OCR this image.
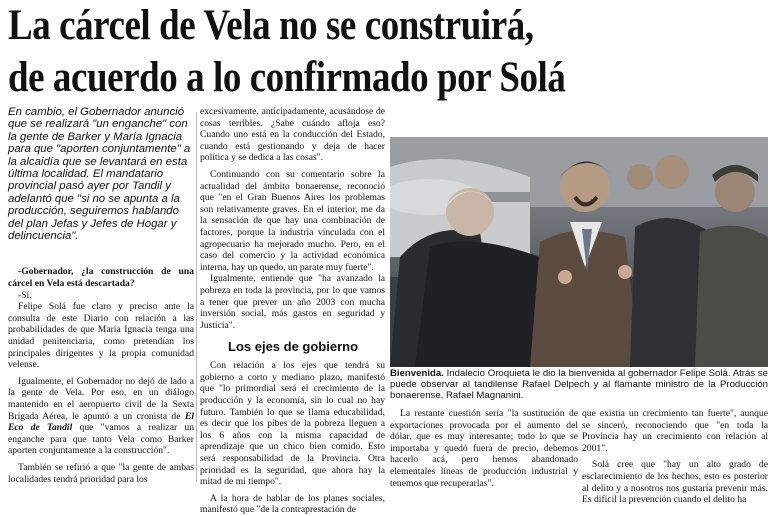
La cárcel de Vela no se construirá,
de acuerdo a lo confirmado por Solá

En cambio, el Gobernador anunció que se realizará "un enganche" con la gente de Barker y María Ignacia para que "aporten conjuntamente" a la alcaidía que se levantará en esta última localidad. El mandatario provincial pasó ayer por Tandil y adelantó que "si no se apunta a la producción, seguiremos hablando del plan Jefas y Jefes de Hogar y delincuencia".

-Gobernador, ¿la construcción de una cárcel en Vela está descartada?

-Sí.

Felipe Solá fue claro y preciso ante la consulta de este Diario con relación a las probabilidades de que María Ignacia tenga una unidad penitenciaria, como pretendían los principales dirigentes y la propia comunidad velense.

Igualmente, el Gobernador no dejó de lado a la gente de Vela. Por eso, en un diálogo mantenido en el aeropuerto civil de la Sexta Brigada Aérea, le apuntó a un cronista de El Eco de Tandil que "vamos a realizar un enganche para que tanto Vela como Barker aporten conjuntamente a la construcción".

También se refirió a que "la gente de ambas localidades tendrá prioridad para los

excesivamente, anticipadamente, acusándose de cosas terribles. ¿Sabe cuándo afloja eso? Cuando uno está en la conducción del Estado, cuando está gestionando y deja de hacer política y se dedica a las cosas".

Continuando con su comentario sobre la actualidad del ámbito bonaerense, reconoció que "en el Gran Buenos Aires los problemas son relativamente graves. En el interior, me da la sensación de que hay una combinación de factores, porque la industria vinculada con el agropecuario ha mejorado mucho. Pero, en el caso del comercio y la actividad económica interna, hay un quedo, un parate muy fuerte".

Igualmente, entiende que "ha avanzado la pobreza en toda la provincia, por lo que vamos a tener que prever un año 2003 con mucha inversión social, más gastos en seguridad y Justicia".

Los ejes de gobierno

Con relación a los ejes que tendrá su gobierno a corto y mediano plazo, manifestó que "lo primordial será el crecimiento de la producción y la economía, sin lo cual no hay futuro. También lo que se llama educabilidad, es decir que los pibes de la pobreza lleguen a los 6 años con la misma capacidad de aprendizaje que un chico bien comido. Esto será responsabilidad de la Provincia. Otra prioridad es la seguridad, que ahora hay la mitad de mi tiempo".

A la hora de hablar de los planes sociales, manifestó que "de la contraprestación de

Bienvenida. Indalecio Oroquieta le dio la bienvenida al gobernador Felipe Solá. Atrás se puede observar al tandilense Rafael Delpech y al flamante ministro de la Producción bonaerense, Rafael Magnanini.

La restante cuestión sería "la sustitución de exportaciones provocada por el aumento del dólar, que es muy interesante; todo lo que se importaba y quedó fuera de precio, debemos hacerlo acá, pero hemos abandonado elementales líneas de producción industrial y tenemos que recuperarlas".

que existía un crecimiento tan fuerte", aunque se sinceró, reconociendo que "en toda la Provincia hay un crecimiento con relación al 2001".

Solá cree que "hay un alto grado de esclarecimiento de los hechos, esto es posterior al delito y a nosotros nos gustaría prevenir más. Es difícil la prevención cuando el delito ha
